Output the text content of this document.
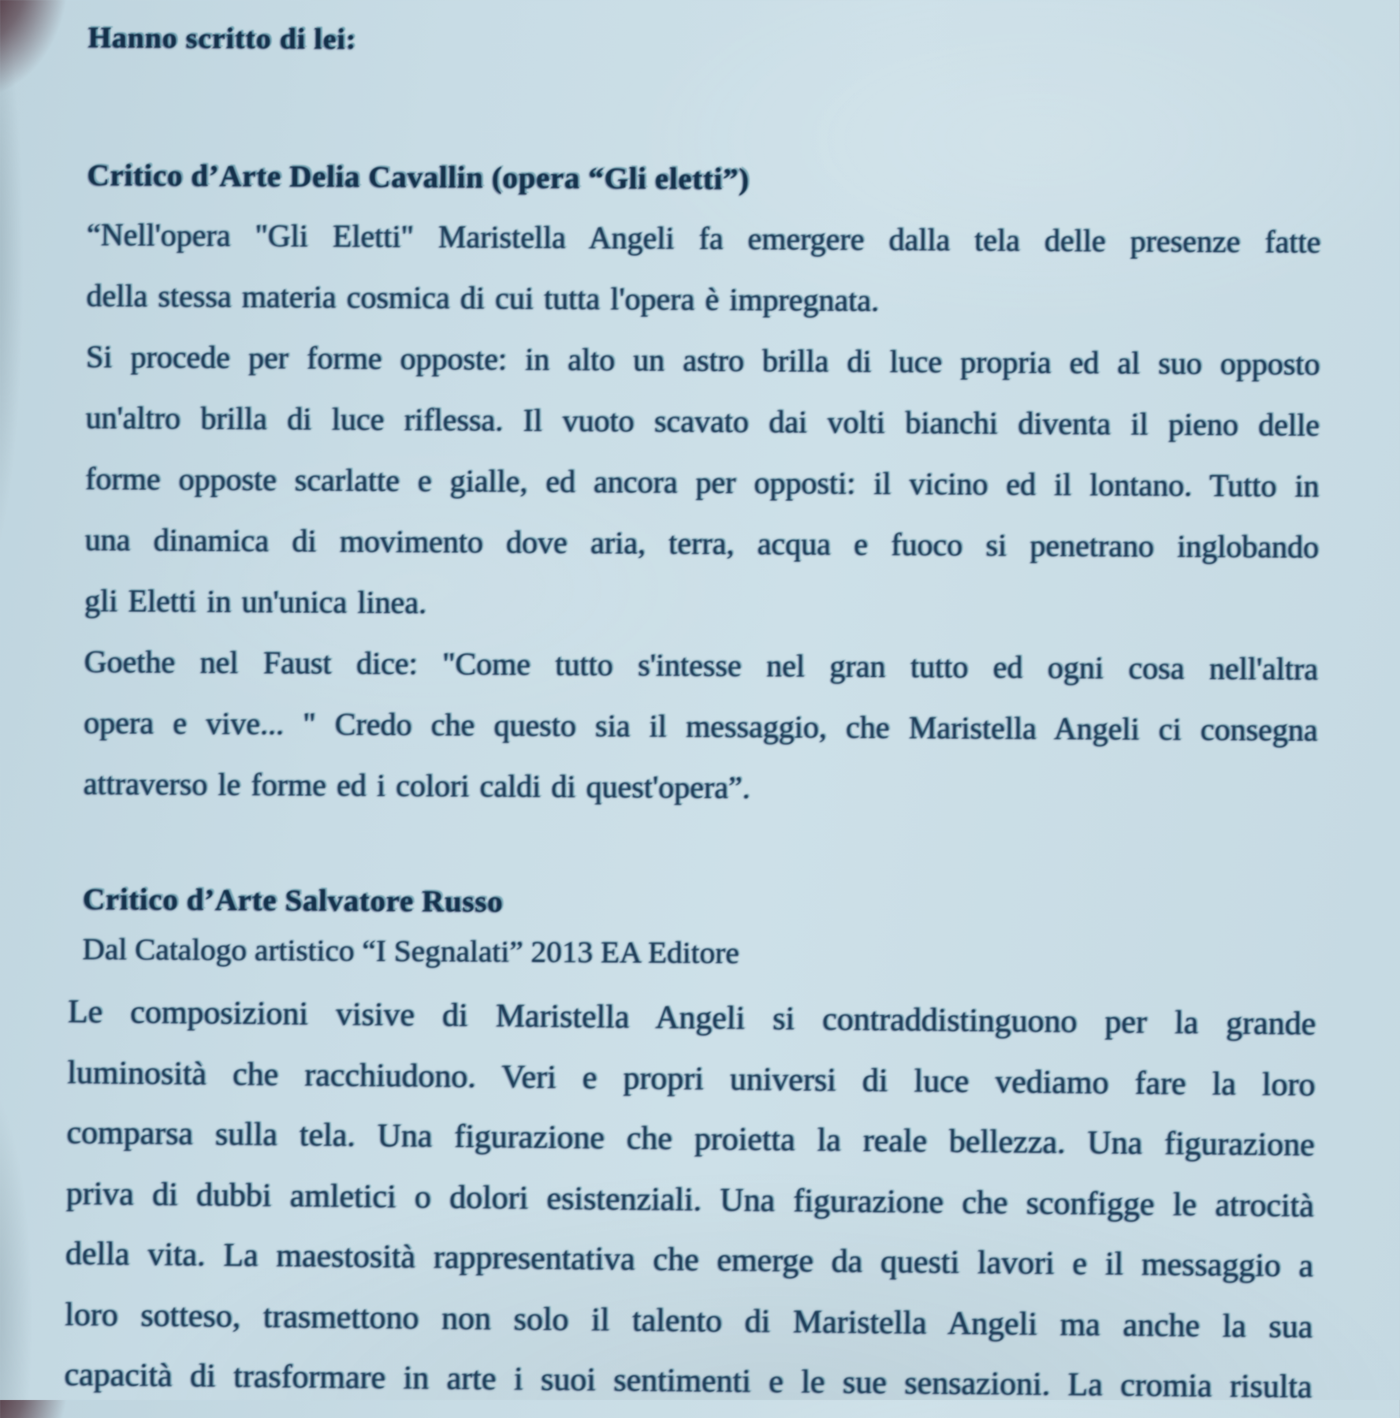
Hanno scritto di lei:
Critico d’Arte Delia Cavallin (opera “Gli eletti”)
“Nell'opera "Gli Eletti" Maristella Angeli fa emergere dalla tela delle presenze fatte
della stessa materia cosmica di cui tutta l'opera è impregnata.
Si procede per forme opposte: in alto un astro brilla di luce propria ed al suo opposto
un'altro brilla di luce riflessa. Il vuoto scavato dai volti bianchi diventa il pieno delle
forme opposte scarlatte e gialle, ed ancora per opposti: il vicino ed il lontano. Tutto in
una dinamica di movimento dove aria, terra, acqua e fuoco si penetrano inglobando
gli Eletti in un'unica linea.
Goethe nel Faust dice: "Come tutto s'intesse nel gran tutto ed ogni cosa nell'altra
opera e vive... " Credo che questo sia il messaggio, che Maristella Angeli ci consegna
attraverso le forme ed i colori caldi di quest'opera”.
Critico d’Arte Salvatore Russo
Dal Catalogo artistico “I Segnalati” 2013 EA Editore
Le composizioni visive di Maristella Angeli si contraddistinguono per la grande
luminosità che racchiudono. Veri e propri universi di luce vediamo fare la loro
comparsa sulla tela. Una figurazione che proietta la reale bellezza. Una figurazione
priva di dubbi amletici o dolori esistenziali. Una figurazione che sconfigge le atrocità
della vita. La maestosità rappresentativa che emerge da questi lavori e il messaggio a
loro sotteso, trasmettono non solo il talento di Maristella Angeli ma anche la sua
capacità di trasformare in arte i suoi sentimenti e le sue sensazioni. La cromia risulta
